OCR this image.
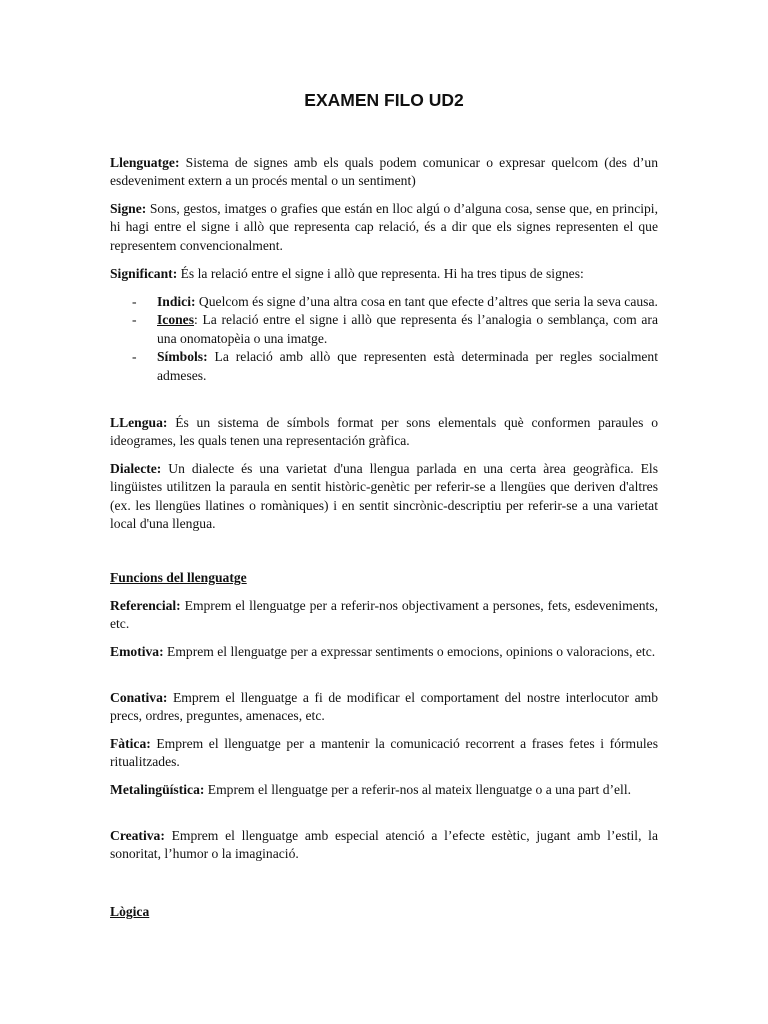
EXAMEN FILO UD2

Llenguatge: Sistema de signes amb els quals podem comunicar o expresar quelcom (des d’un esdeveniment extern a un procés mental o un sentiment)

Signe: Sons, gestos, imatges o grafies que están en lloc algú o d’alguna cosa, sense que, en principi, hi hagi entre el signe i allò que representa cap relació, és a dir que els signes representen el que representem convencionalment.

Significant: És la relació entre el signe i allò que representa. Hi ha tres tipus de signes:

- Indici: Quelcom és signe d’una altra cosa en tant que efecte d’altres que seria la seva causa.
- Icones: La relació entre el signe i allò que representa és l’analogia o semblança, com ara una onomatopèia o una imatge.
- Símbols: La relació amb allò que representen està determinada per regles socialment admeses.

LLengua: És un sistema de símbols format per sons elementals què conformen paraules o ideogrames, les quals tenen una representación gràfica.

Dialecte: Un dialecte és una varietat d'una llengua parlada en una certa àrea geogràfica. Els lingüistes utilitzen la paraula en sentit històric-genètic per referir-se a llengües que deriven d'altres (ex. les llengües llatines o romàniques) i en sentit sincrònic-descriptiu per referir-se a una varietat local d'una llengua.

Funcions del llenguatge

Referencial: Emprem el llenguatge per a referir-nos objectivament a persones, fets, esdeveniments, etc.

Emotiva: Emprem el llenguatge per a expressar sentiments o emocions, opinions o valoracions, etc.

Conativa: Emprem el llenguatge a fi de modificar el comportament del nostre interlocutor amb precs, ordres, preguntes, amenaces, etc.

Fàtica: Emprem el llenguatge per a mantenir la comunicació recorrent a frases fetes i fórmules ritualitzades.

Metalingüística: Emprem el llenguatge per a referir-nos al mateix llenguatge o a una part d’ell.

Creativa: Emprem el llenguatge amb especial atenció a l’efecte estètic, jugant amb l’estil, la sonoritat, l’humor o la imaginació.

Lògica
